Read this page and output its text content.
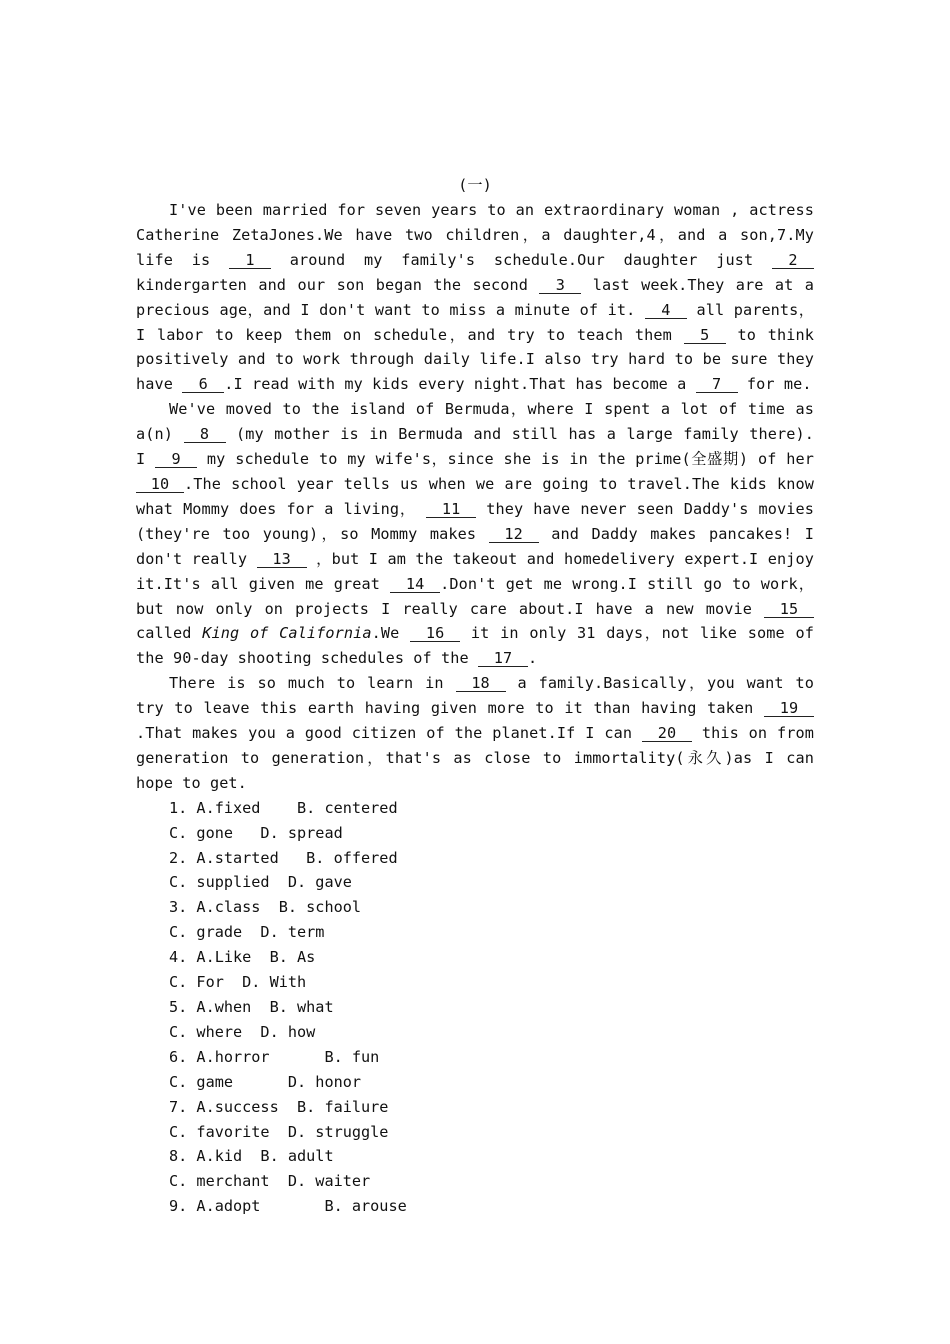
(一)

I've been married for seven years to an extraordinary woman , actress Catherine ZetaJones.We have two children，a daughter,4，and a son,7.My life is 1 around my family's schedule.Our daughter just 2 kindergarten and our son began the second 3 last week.They are at a precious age，and I don't want to miss a minute of it. 4 all parents，I labor to keep them on schedule，and try to teach them 5 to think positively and to work through daily life.I also try hard to be sure they have 6 .I read with my kids every night.That has become a 7 for me.

We've moved to the island of Bermuda，where I spent a lot of time as a(n) 8 (my mother is in Bermuda and still has a large family there). I 9 my schedule to my wife's，since she is in the prime(全盛期) of her 10 .The school year tells us when we are going to travel.The kids know what Mommy does for a living， 11 they have never seen Daddy's movies (they're too young)，so Mommy makes 12 and Daddy makes pancakes! I don't really 13 ，but I am the takeout and homedelivery expert.I enjoy it.It's all given me great 14 .Don't get me wrong.I still go to work，but now only on projects I really care about.I have a new movie 15 called King of California.We 16 it in only 31 days，not like some of the 90-day shooting schedules of the 17 .

There is so much to learn in 18 a family.Basically，you want to try to leave this earth having given more to it than having taken 19.That makes you a good citizen of the planet.If I can 20 this on from generation to generation，that's as close to immortality(永久)as I can hope to get.

1. A.fixed    B. centered
C. gone   D. spread
2. A.started   B. offered
C. supplied  D. gave
3. A.class  B. school
C. grade  D. term
4. A.Like  B. As
C. For  D. With
5. A.when  B. what
C. where  D. how
6. A.horror      B. fun
C. game      D. honor
7. A.success  B. failure
C. favorite  D. struggle
8. A.kid  B. adult
C. merchant  D. waiter
9. A.adopt       B. arouse
